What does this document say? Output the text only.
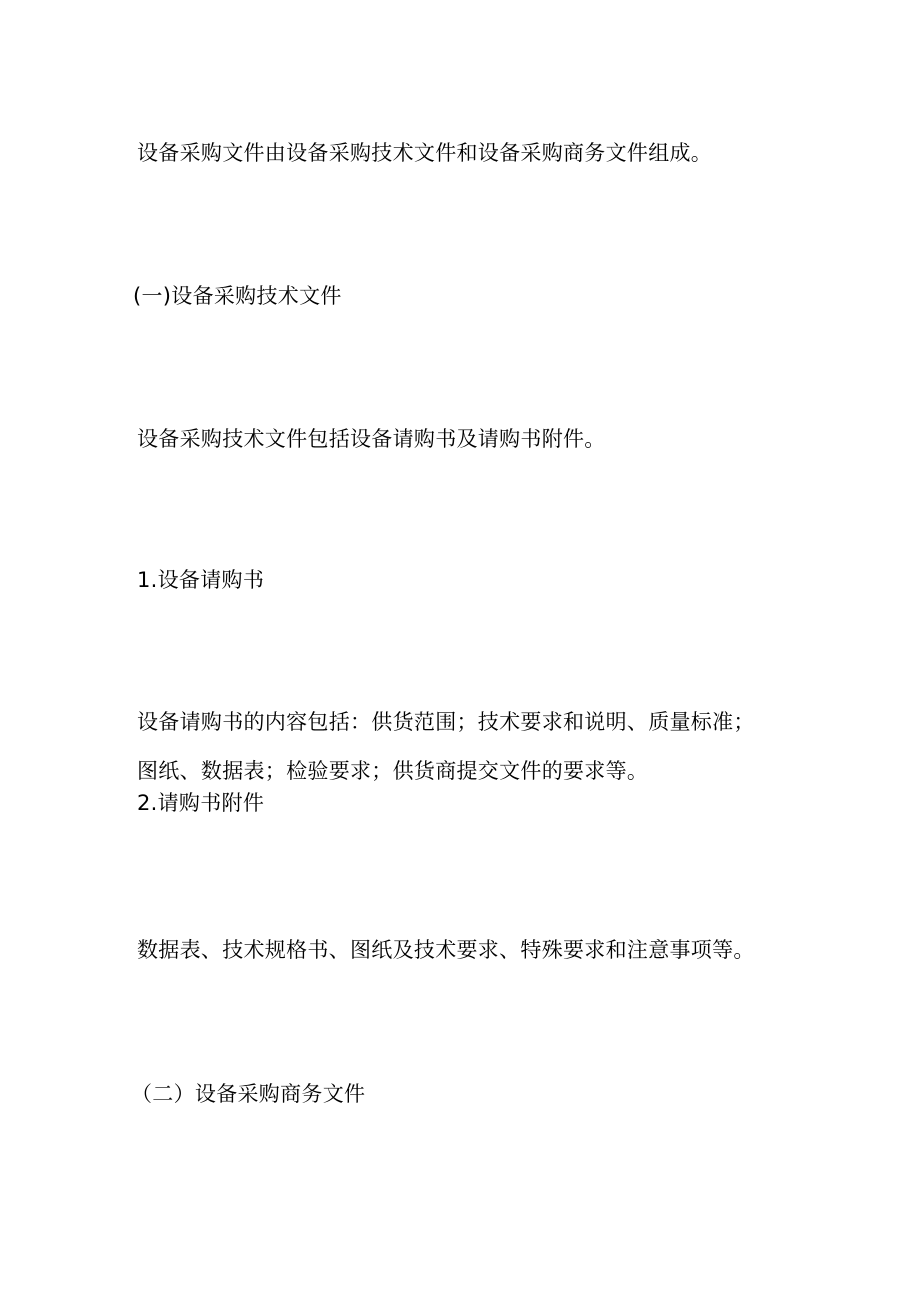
设备采购文件由设备采购技术文件和设备采购商务文件组成。
(一)设备采购技术文件
设备采购技术文件包括设备请购书及请购书附件。
1.设备请购书
设备请购书的内容包括：供货范围；技术要求和说明、质量标准；
图纸、数据表；检验要求；供货商提交文件的要求等。
2.请购书附件
数据表、技术规格书、图纸及技术要求、特殊要求和注意事项等。
（二）设备采购商务文件
